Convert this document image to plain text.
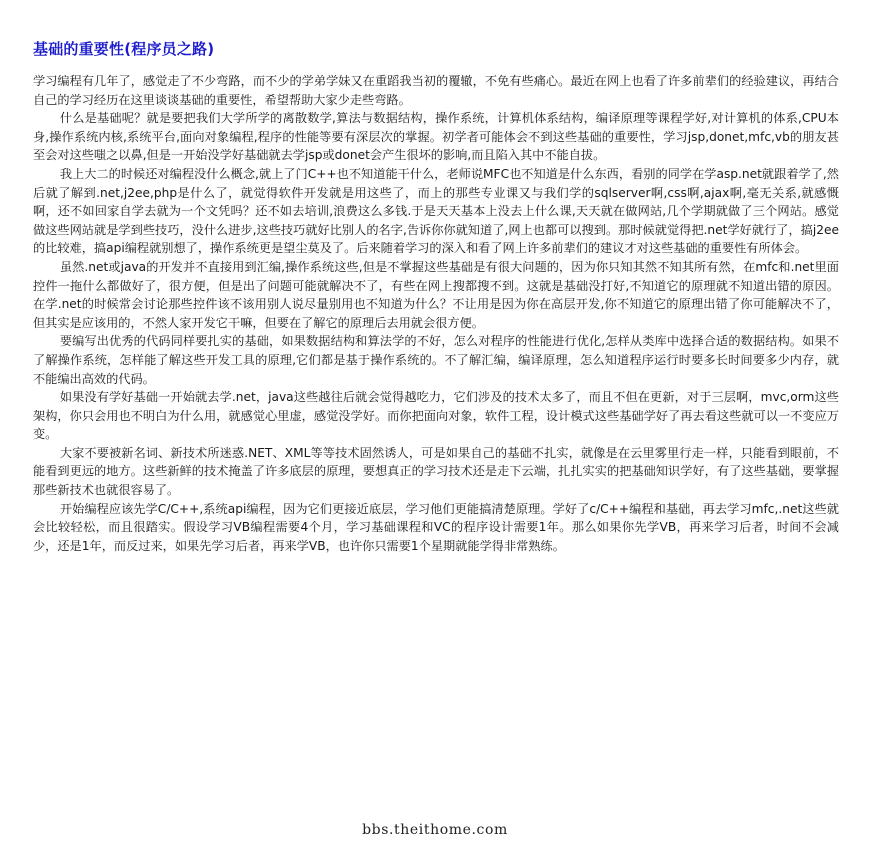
基础的重要性(程序员之路)

学习编程有几年了，感觉走了不少弯路，而不少的学弟学妹又在重蹈我当初的覆辙，不免有些痛心。最近在网上也看了许多前辈们的经验建议，再结合自己的学习经历在这里谈谈基础的重要性，希望帮助大家少走些弯路。

什么是基础呢？就是要把我们大学所学的离散数学,算法与数据结构，操作系统，计算机体系结构，编译原理等课程学好,对计算机的体系,CPU本身,操作系统内核,系统平台,面向对象编程,程序的性能等要有深层次的掌握。初学者可能体会不到这些基础的重要性，学习jsp,donet,mfc,vb的朋友甚至会对这些嗤之以鼻,但是一开始没学好基础就去学jsp或donet会产生很坏的影响,而且陷入其中不能自拔。

我上大二的时候还对编程没什么概念,就上了门C++也不知道能干什么，老师说MFC也不知道是什么东西，看别的同学在学asp.net就跟着学了,然后就了解到.net,j2ee,php是什么了，就觉得软件开发就是用这些了，而上的那些专业课又与我们学的sqlserver啊,css啊,ajax啊,毫无关系,就感慨啊，还不如回家自学去就为一个文凭吗？还不如去培训,浪费这么多钱.于是天天基本上没去上什么课,天天就在做网站,几个学期就做了三个网站。感觉做这些网站就是学到些技巧，没什么进步,这些技巧就好比别人的名字,告诉你你就知道了,网上也都可以搜到。那时候就觉得把.net学好就行了，搞j2ee的比较难，搞api编程就别想了，操作系统更是望尘莫及了。后来随着学习的深入和看了网上许多前辈们的建议才对这些基础的重要性有所体会。

虽然.net或java的开发并不直接用到汇编,操作系统这些,但是不掌握这些基础是有很大问题的，因为你只知其然不知其所有然，在mfc和.net里面控件一拖什么都做好了，很方便，但是出了问题可能就解决不了，有些在网上搜都搜不到。这就是基础没打好,不知道它的原理就不知道出错的原因。在学.net的时候常会讨论那些控件该不该用别人说尽量别用也不知道为什么？不让用是因为你在高层开发,你不知道它的原理出错了你可能解决不了，但其实是应该用的，不然人家开发它干嘛，但要在了解它的原理后去用就会很方便。

要编写出优秀的代码同样要扎实的基础，如果数据结构和算法学的不好，怎么对程序的性能进行优化,怎样从类库中选择合适的数据结构。如果不了解操作系统，怎样能了解这些开发工具的原理,它们都是基于操作系统的。不了解汇编，编译原理，怎么知道程序运行时要多长时间要多少内存，就不能编出高效的代码。

如果没有学好基础一开始就去学.net，java这些越往后就会觉得越吃力，它们涉及的技术太多了，而且不但在更新，对于三层啊，mvc,orm这些架构，你只会用也不明白为什么用，就感觉心里虚，感觉没学好。而你把面向对象，软件工程，设计模式这些基础学好了再去看这些就可以一不变应万变。

大家不要被新名词、新技术所迷惑.NET、XML等等技术固然诱人，可是如果自己的基础不扎实，就像是在云里雾里行走一样，只能看到眼前，不能看到更远的地方。这些新鲜的技术掩盖了许多底层的原理，要想真正的学习技术还是走下云端，扎扎实实的把基础知识学好，有了这些基础，要掌握那些新技术也就很容易了。

开始编程应该先学C/C++,系统api编程，因为它们更接近底层，学习他们更能搞清楚原理。学好了c/C++编程和基础，再去学习mfc,.net这些就会比较轻松，而且很踏实。假设学习VB编程需要4个月，学习基础课程和VC的程序设计需要1年。那么如果你先学VB，再来学习后者，时间不会减少，还是1年，而反过来，如果先学习后者，再来学VB，也许你只需要1个星期就能学得非常熟练。

bbs.theithome.com
